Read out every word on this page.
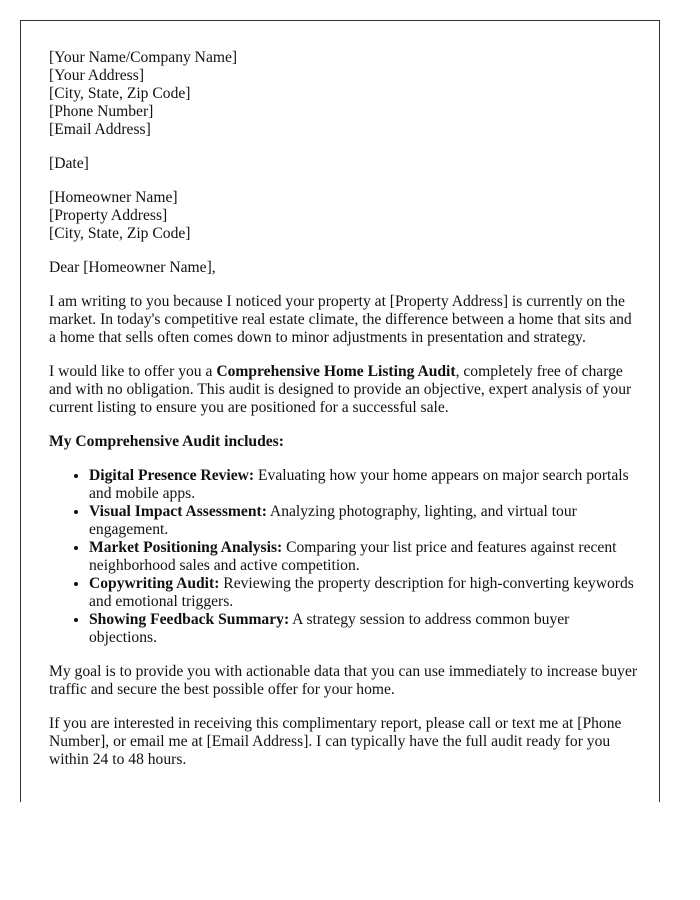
[Your Name/Company Name]
[Your Address]
[City, State, Zip Code]
[Phone Number]
[Email Address]
[Date]
[Homeowner Name]
[Property Address]
[City, State, Zip Code]

Dear [Homeowner Name],

I am writing to you because I noticed your property at [Property Address] is currently on the market. In today's competitive real estate climate, the difference between a home that sits and a home that sells often comes down to minor adjustments in presentation and strategy.

I would like to offer you a Comprehensive Home Listing Audit, completely free of charge and with no obligation. This audit is designed to provide an objective, expert analysis of your current listing to ensure you are positioned for a successful sale.

My Comprehensive Audit includes:

• Digital Presence Review: Evaluating how your home appears on major search portals and mobile apps.
• Visual Impact Assessment: Analyzing photography, lighting, and virtual tour engagement.
• Market Positioning Analysis: Comparing your list price and features against recent neighborhood sales and active competition.
• Copywriting Audit: Reviewing the property description for high-converting keywords and emotional triggers.
• Showing Feedback Summary: A strategy session to address common buyer objections.

My goal is to provide you with actionable data that you can use immediately to increase buyer traffic and secure the best possible offer for your home.

If you are interested in receiving this complimentary report, please call or text me at [Phone Number], or email me at [Email Address]. I can typically have the full audit ready for you within 24 to 48 hours.
